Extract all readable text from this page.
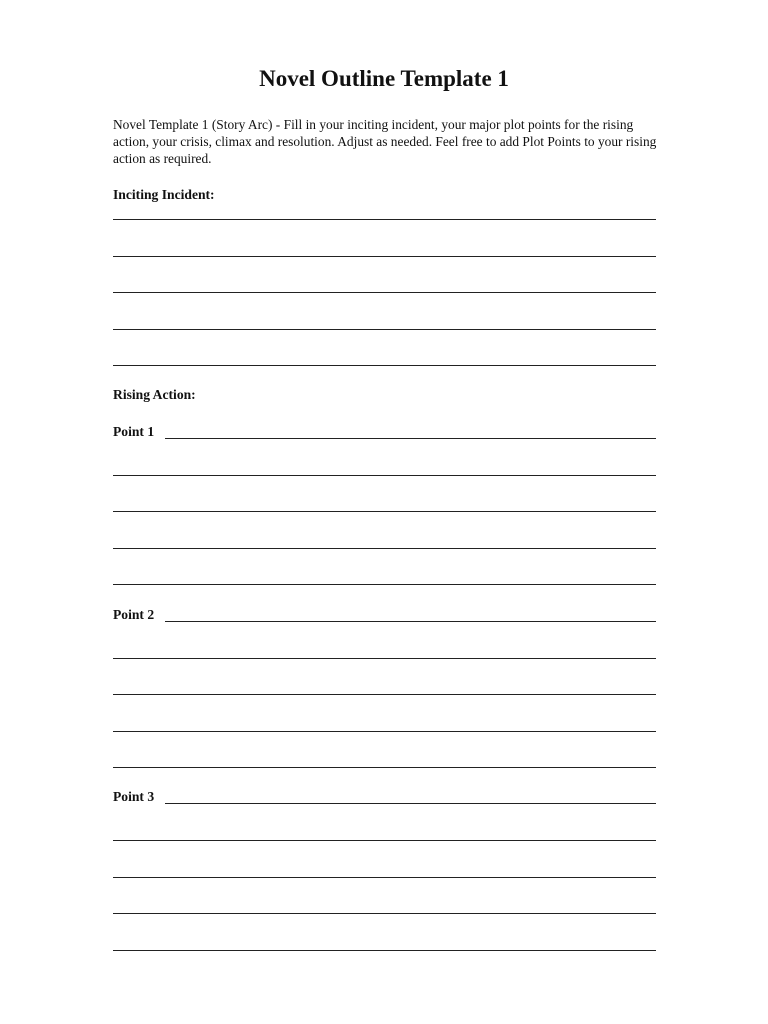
Novel Outline Template 1
Novel Template 1 (Story Arc) - Fill in your inciting incident, your major plot points for the rising action, your crisis, climax and resolution. Adjust as needed. Feel free to add Plot Points to your rising action as required.
Inciting Incident:
Rising Action:
Point 1
Point 2
Point 3
